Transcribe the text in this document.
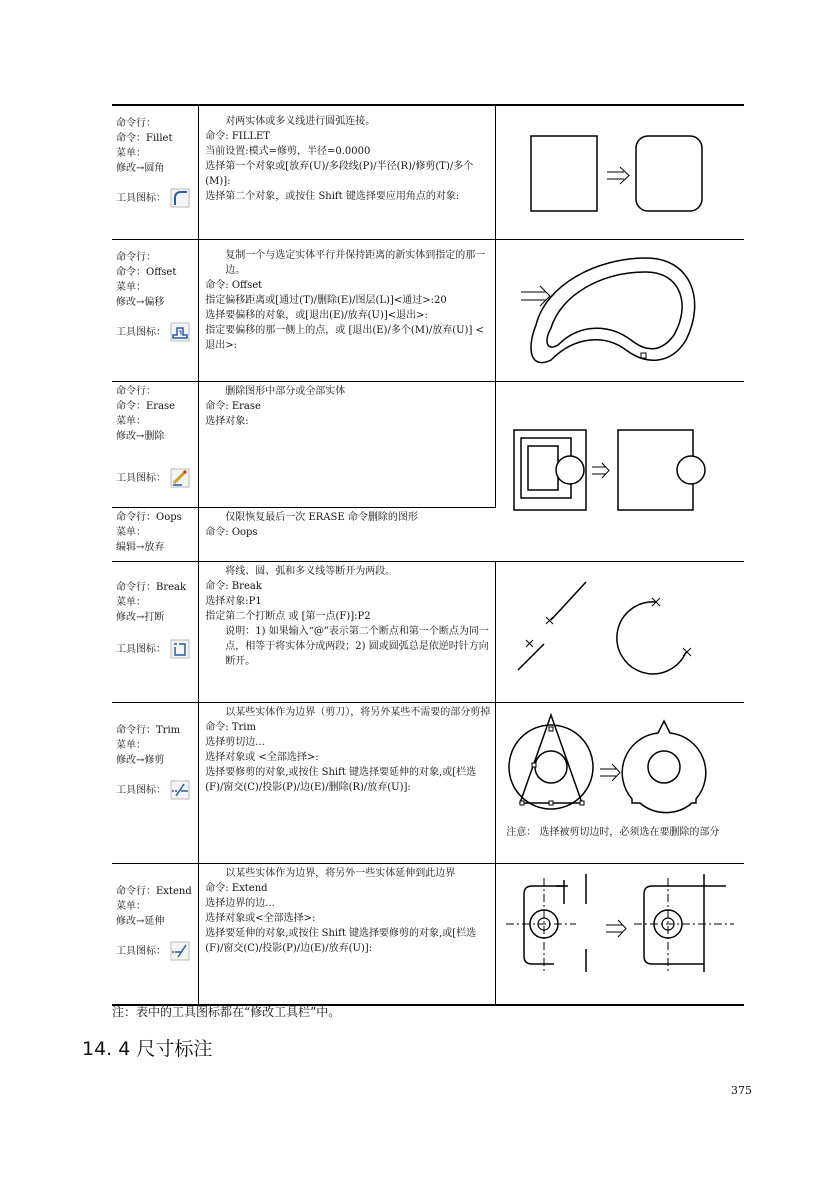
命令行：
命令：Fillet
菜单：
修改→圆角
工具图标：	对两实体或多义线进行圆弧连接。
命令: FILLET
当前设置:模式=修剪，半径=0.0000
选择第一个对象或[放弃(U)/多段线(P)/半径(R)/修剪(T)/多个(M)]:
选择第二个对象，或按住 Shift 键选择要应用角点的对象:

命令行：
命令：Offset
菜单：
修改→偏移
工具图标：	复制一个与选定实体平行并保持距离的新实体到指定的那一边。
命令: Offset
指定偏移距离或[通过(T)/删除(E)/图层(L)]<通过>:20
选择要偏移的对象，或[退出(E)/放弃(U)]<退出>:
指定要偏移的那一侧上的点，或 [退出(E)/多个(M)/放弃(U)] <退出>:

命令行：
命令：Erase
菜单：
修改→删除
工具图标：	删除图形中部分或全部实体
命令: Erase
选择对象:

命令行：Oops
菜单：
编辑→放弃	仅限恢复最后一次 ERASE 命令删除的图形
命令: Oops	

命令行：Break
菜单：
修改→打断
工具图标：	将线、圆、弧和多义线等断开为两段。
命令: Break
选择对象:P1
指定第二个打断点 或 [第一点(F)]:P2
说明：1) 如果输入“@”表示第二个断点和第一个断点为同一点，相等于将实体分成两段；2) 圆或圆弧总是依逆时针方向断开。

命令行：Trim
菜单：
修改→修剪
工具图标：	以某些实体作为边界（剪刀），将另外某些不需要的部分剪掉
命令: Trim
选择剪切边...
选择对象或 <全部选择>:
选择要修剪的对象,或按住 Shift 键选择要延伸的对象,或[栏选(F)/窗交(C)/投影(P)/边(E)/删除(R)/放弃(U)]:	注意： 选择被剪切边时，必须选在要删除的部分

命令行：Extend
菜单：
修改→延伸
工具图标：	以某些实体作为边界，将另外一些实体延伸到此边界
命令: Extend
选择边界的边...
选择对象或<全部选择>:
选择要延伸的对象,或按住 Shift 键选择要修剪的对象,或[栏选(F)/窗交(C)/投影(P)/边(E)/放弃(U)]:

注：表中的工具图标都在“修改工具栏”中。
14. 4 尺寸标注
375
